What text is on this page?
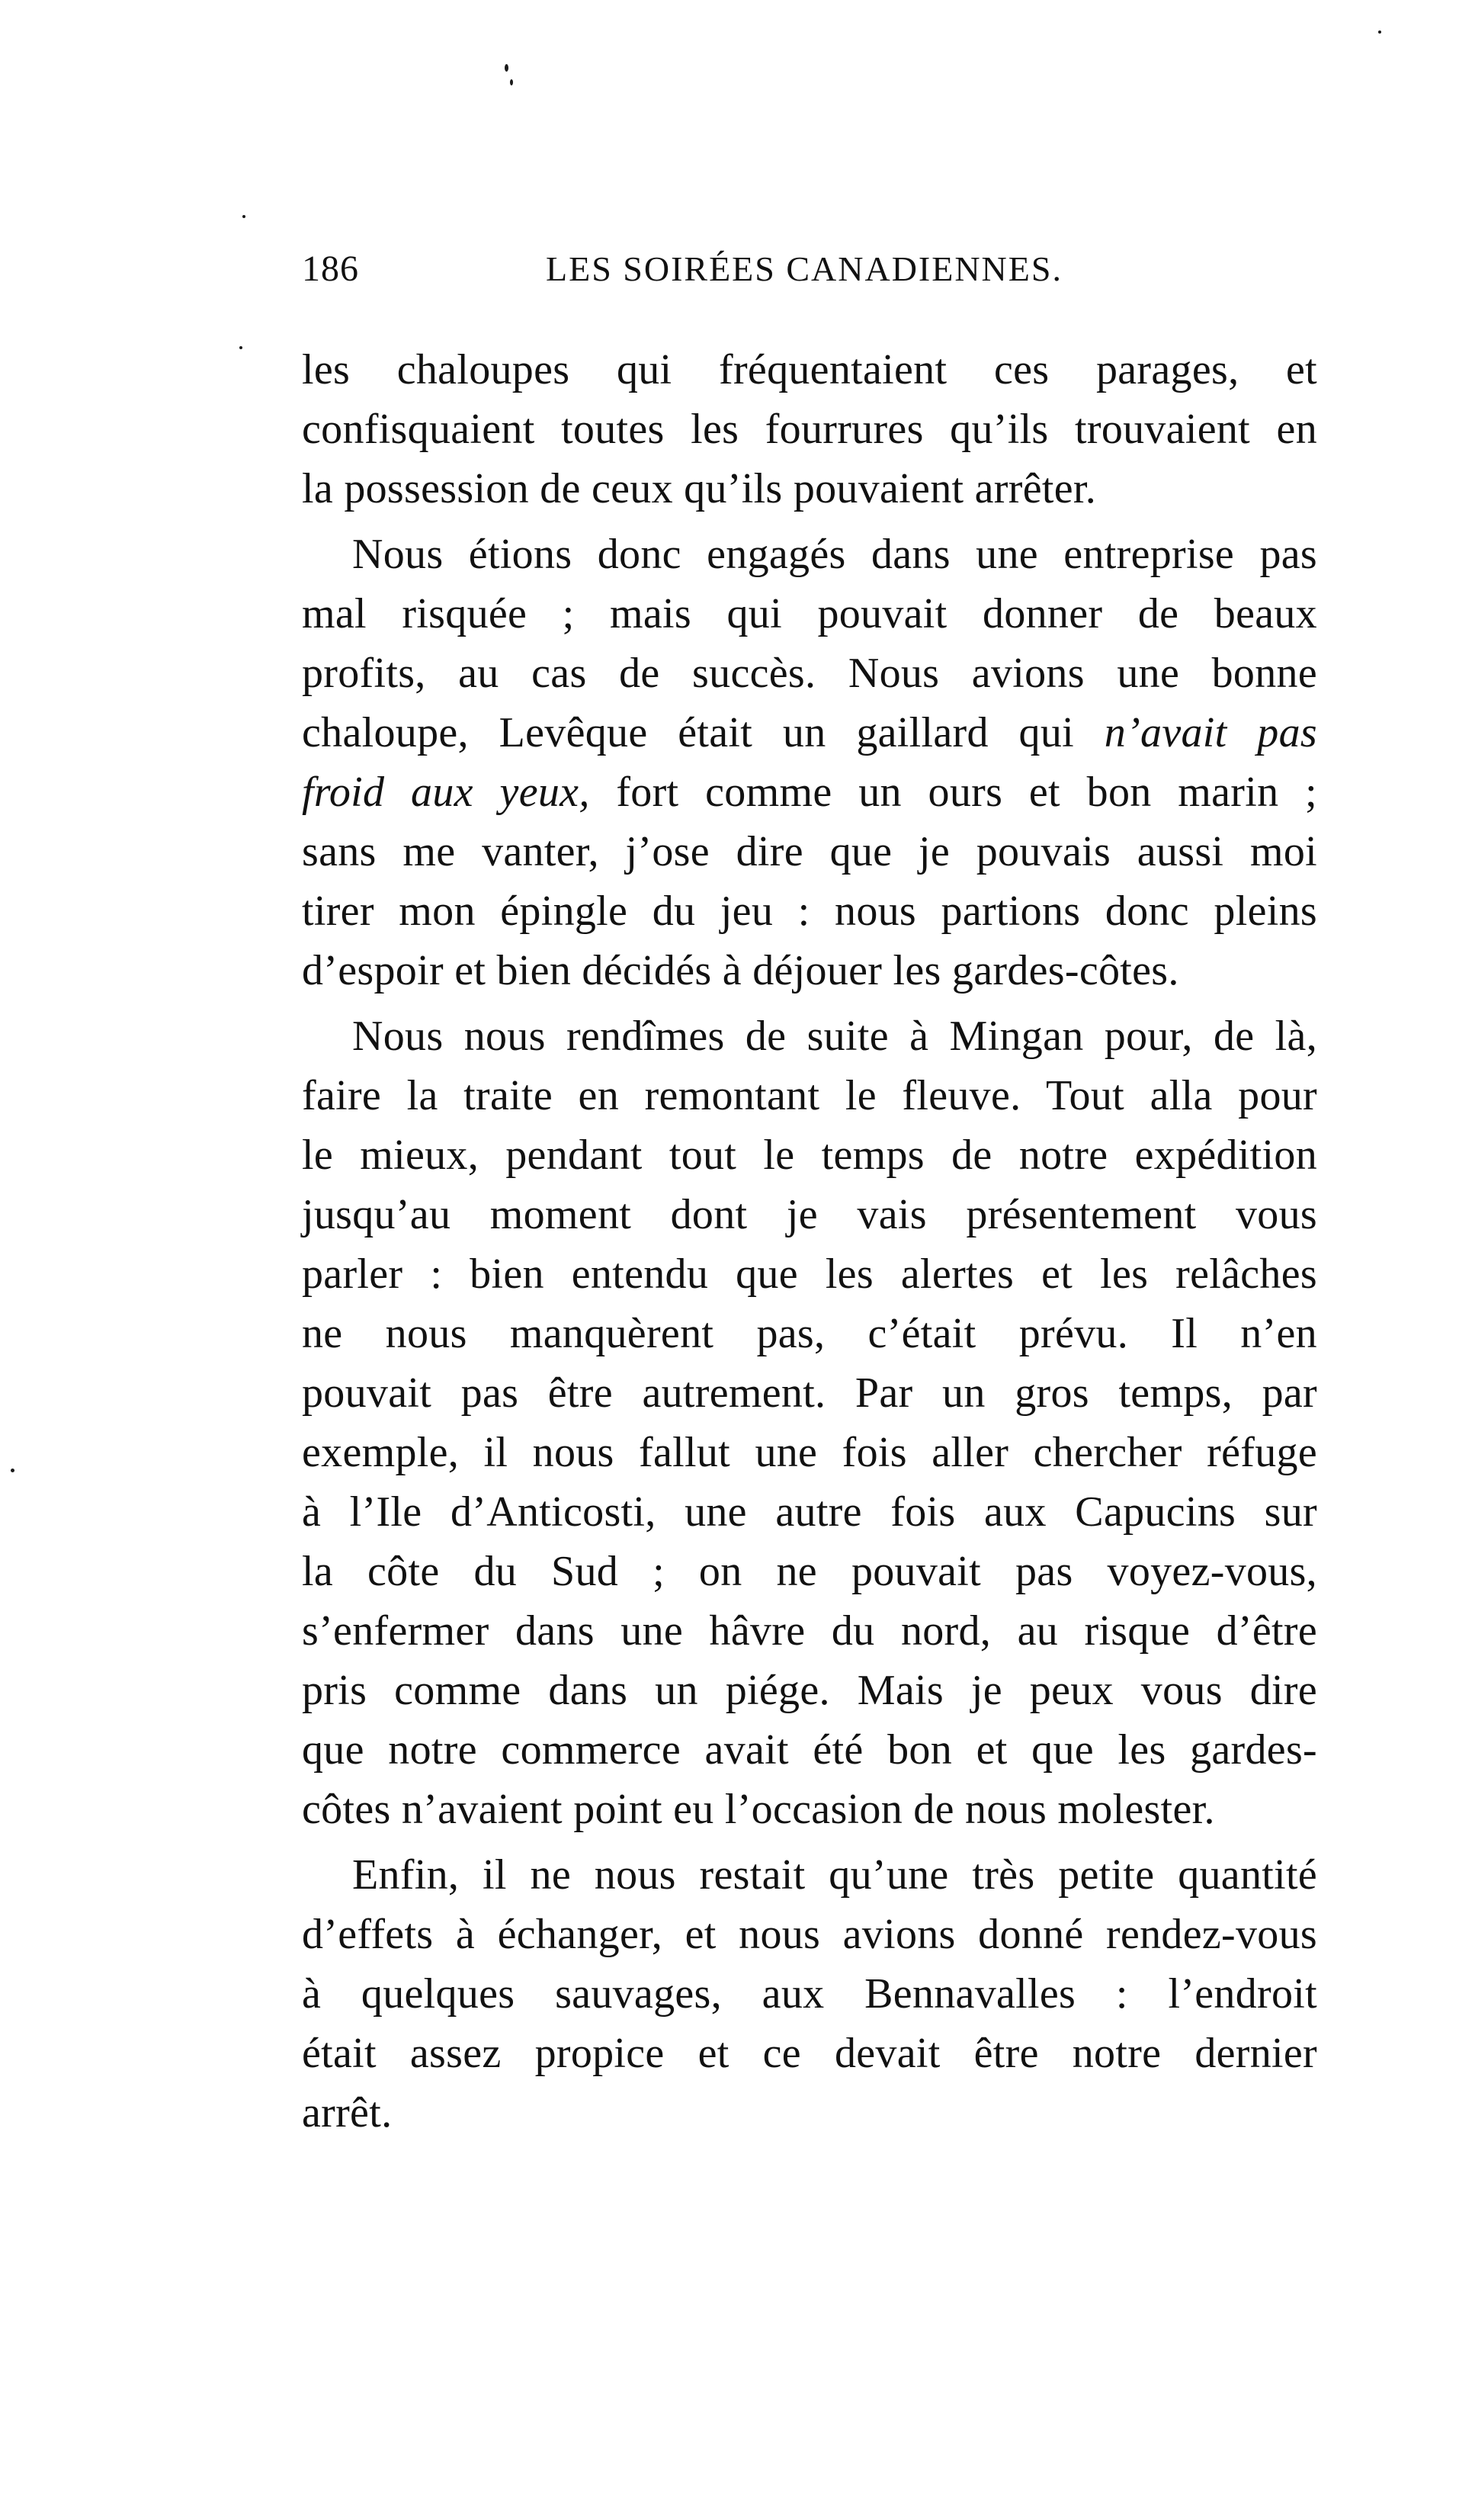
186	LES SOIRÉES CANADIENNES.
les chaloupes qui fréquentaient ces parages, et
confisquaient toutes les fourrures qu’ils trouvaient en
la possession de ceux qu’ils pouvaient arrêter.
Nous étions donc engagés dans une entreprise pas
mal risquée ; mais qui pouvait donner de beaux
profits, au cas de succès. Nous avions une bonne
chaloupe, Levêque était un gaillard qui n’avait pas
froid aux yeux, fort comme un ours et bon marin ;
sans me vanter, j’ose dire que je pouvais aussi moi
tirer mon épingle du jeu : nous partions donc pleins
d’espoir et bien décidés à déjouer les gardes-côtes.
Nous nous rendîmes de suite à Mingan pour, de là,
faire la traite en remontant le fleuve. Tout alla pour
le mieux, pendant tout le temps de notre expédition
jusqu’au moment dont je vais présentement vous
parler : bien entendu que les alertes et les relâches
ne nous manquèrent pas, c’était prévu. Il n’en
pouvait pas être autrement. Par un gros temps, par
exemple, il nous fallut une fois aller chercher réfuge
à l’Ile d’Anticosti, une autre fois aux Capucins sur
la côte du Sud ; on ne pouvait pas voyez-vous,
s’enfermer dans une hâvre du nord, au risque d’être
pris comme dans un piége. Mais je peux vous dire
que notre commerce avait été bon et que les gardes-
côtes n’avaient point eu l’occasion de nous molester.
Enfin, il ne nous restait qu’une très petite quantité
d’effets à échanger, et nous avions donné rendez-vous
à quelques sauvages, aux Bennavalles : l’endroit
était assez propice et ce devait être notre dernier
arrêt.
